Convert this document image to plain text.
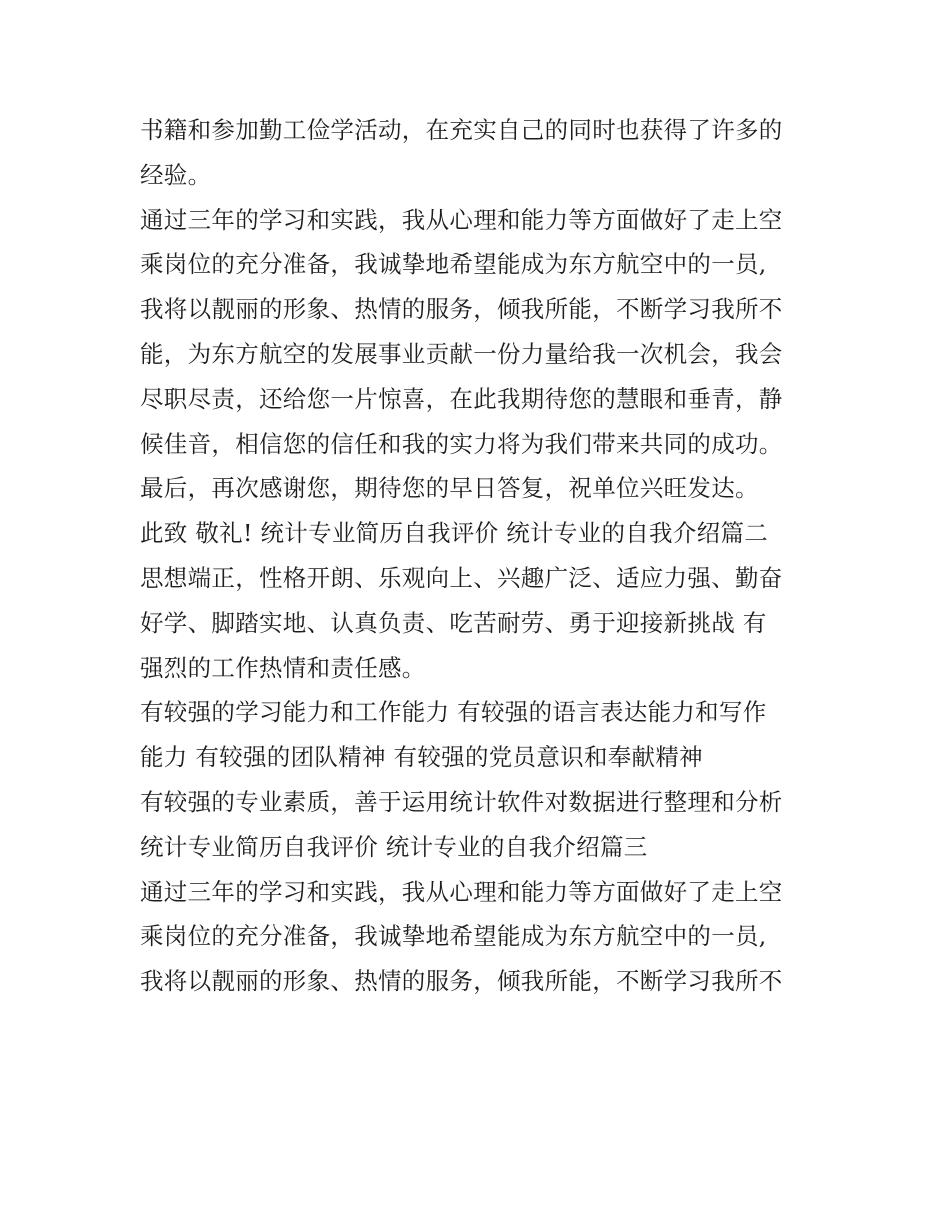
书籍和参加勤工俭学活动，在充实自己的同时也获得了许多的
经验。
通过三年的学习和实践，我从心理和能力等方面做好了走上空
乘岗位的充分准备，我诚挚地希望能成为东方航空中的一员,
我将以靓丽的形象、热情的服务，倾我所能，不断学习我所不
能，为东方航空的发展事业贡献一份力量给我一次机会，我会
尽职尽责，还给您一片惊喜，在此我期待您的慧眼和垂青，静
候佳音，相信您的信任和我的实力将为我们带来共同的成功。
最后，再次感谢您，期待您的早日答复，祝单位兴旺发达。
此致 敬礼! 统计专业简历自我评价 统计专业的自我介绍篇二
思想端正，性格开朗、乐观向上、兴趣广泛、适应力强、勤奋
好学、脚踏实地、认真负责、吃苦耐劳、勇于迎接新挑战 有
强烈的工作热情和责任感。
有较强的学习能力和工作能力 有较强的语言表达能力和写作
能力 有较强的团队精神 有较强的党员意识和奉献精神
有较强的专业素质，善于运用统计软件对数据进行整理和分析
统计专业简历自我评价 统计专业的自我介绍篇三
通过三年的学习和实践，我从心理和能力等方面做好了走上空
乘岗位的充分准备，我诚挚地希望能成为东方航空中的一员,
我将以靓丽的形象、热情的服务，倾我所能，不断学习我所不
